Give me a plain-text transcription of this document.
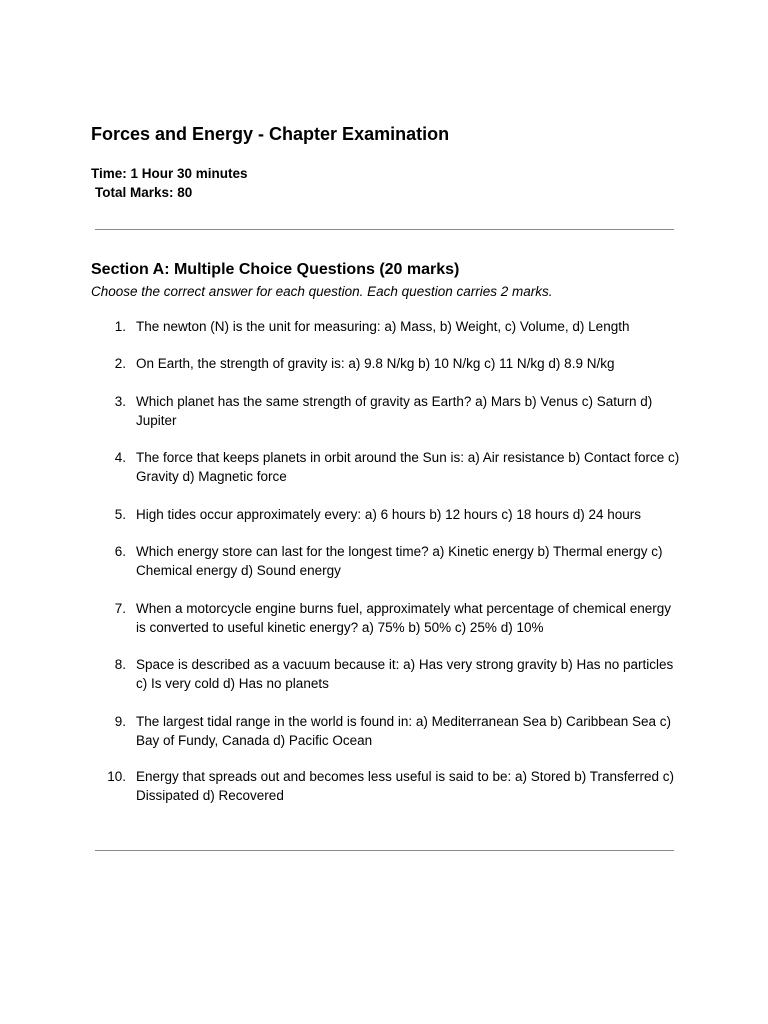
Forces and Energy - Chapter Examination

Time: 1 Hour 30 minutes

Total Marks: 80

Section A: Multiple Choice Questions (20 marks)

Choose the correct answer for each question. Each question carries 2 marks.

1. The newton (N) is the unit for measuring: a) Mass, b) Weight, c) Volume, d) Length
2. On Earth, the strength of gravity is: a) 9.8 N/kg b) 10 N/kg c) 11 N/kg d) 8.9 N/kg
3. Which planet has the same strength of gravity as Earth? a) Mars b) Venus c) Saturn d) Jupiter
4. The force that keeps planets in orbit around the Sun is: a) Air resistance b) Contact force c) Gravity d) Magnetic force
5. High tides occur approximately every: a) 6 hours b) 12 hours c) 18 hours d) 24 hours
6. Which energy store can last for the longest time? a) Kinetic energy b) Thermal energy c) Chemical energy d) Sound energy
7. When a motorcycle engine burns fuel, approximately what percentage of chemical energy is converted to useful kinetic energy? a) 75% b) 50% c) 25% d) 10%
8. Space is described as a vacuum because it: a) Has very strong gravity b) Has no particles c) Is very cold d) Has no planets
9. The largest tidal range in the world is found in: a) Mediterranean Sea b) Caribbean Sea c) Bay of Fundy, Canada d) Pacific Ocean
10. Energy that spreads out and becomes less useful is said to be: a) Stored b) Transferred c) Dissipated d) Recovered
